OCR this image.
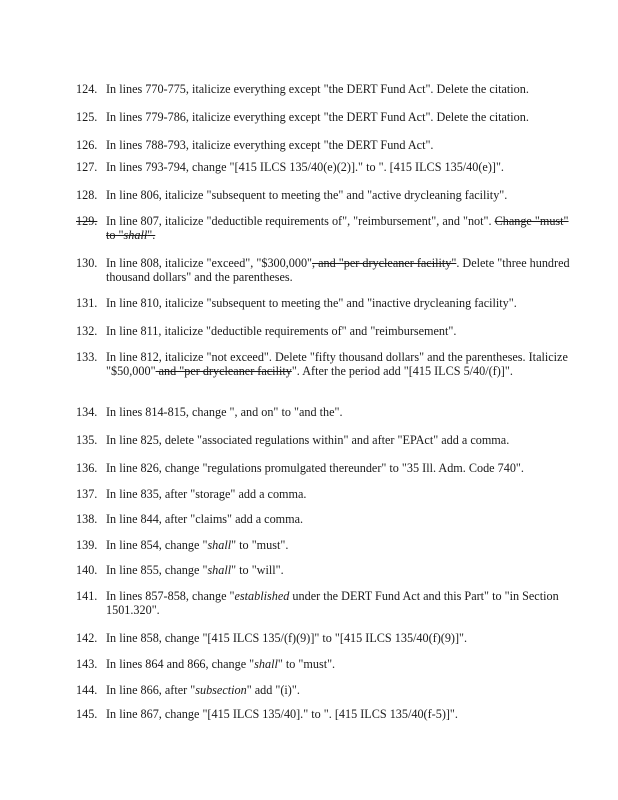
124. In lines 770-775, italicize everything except "the DERT Fund Act". Delete the citation.
125. In lines 779-786, italicize everything except "the DERT Fund Act". Delete the citation.
126. In lines 788-793, italicize everything except "the DERT Fund Act".
127. In lines 793-794, change "[415 ILCS 135/40(e)(2)]." to ". [415 ILCS 135/40(e)]".
128. In line 806, italicize "subsequent to meeting the" and "active drycleaning facility".
129. In line 807, italicize "deductible requirements of", "reimbursement", and "not". Change "must" to "shall".
130. In line 808, italicize "exceed", "$300,000", and "per drycleaner facility". Delete "three hundred thousand dollars" and the parentheses.
131. In line 810, italicize "subsequent to meeting the" and "inactive drycleaning facility".
132. In line 811, italicize "deductible requirements of" and "reimbursement".
133. In line 812, italicize "not exceed". Delete "fifty thousand dollars" and the parentheses. Italicize "$50,000" and "per drycleaner facility". After the period add "[415 ILCS 5/40/(f)]".
134. In lines 814-815, change ", and on" to "and the".
135. In line 825, delete "associated regulations within" and after "EPAct" add a comma.
136. In line 826, change "regulations promulgated thereunder" to "35 Ill. Adm. Code 740".
137. In line 835, after "storage" add a comma.
138. In line 844, after "claims" add a comma.
139. In line 854, change "shall" to "must".
140. In line 855, change "shall" to "will".
141. In lines 857-858, change "established under the DERT Fund Act and this Part" to "in Section 1501.320".
142. In line 858, change "[415 ILCS 135/(f)(9)]" to "[415 ILCS 135/40(f)(9)]".
143. In lines 864 and 866, change "shall" to "must".
144. In line 866, after "subsection" add "(i)".
145. In line 867, change "[415 ILCS 135/40]." to ". [415 ILCS 135/40(f-5)]".
